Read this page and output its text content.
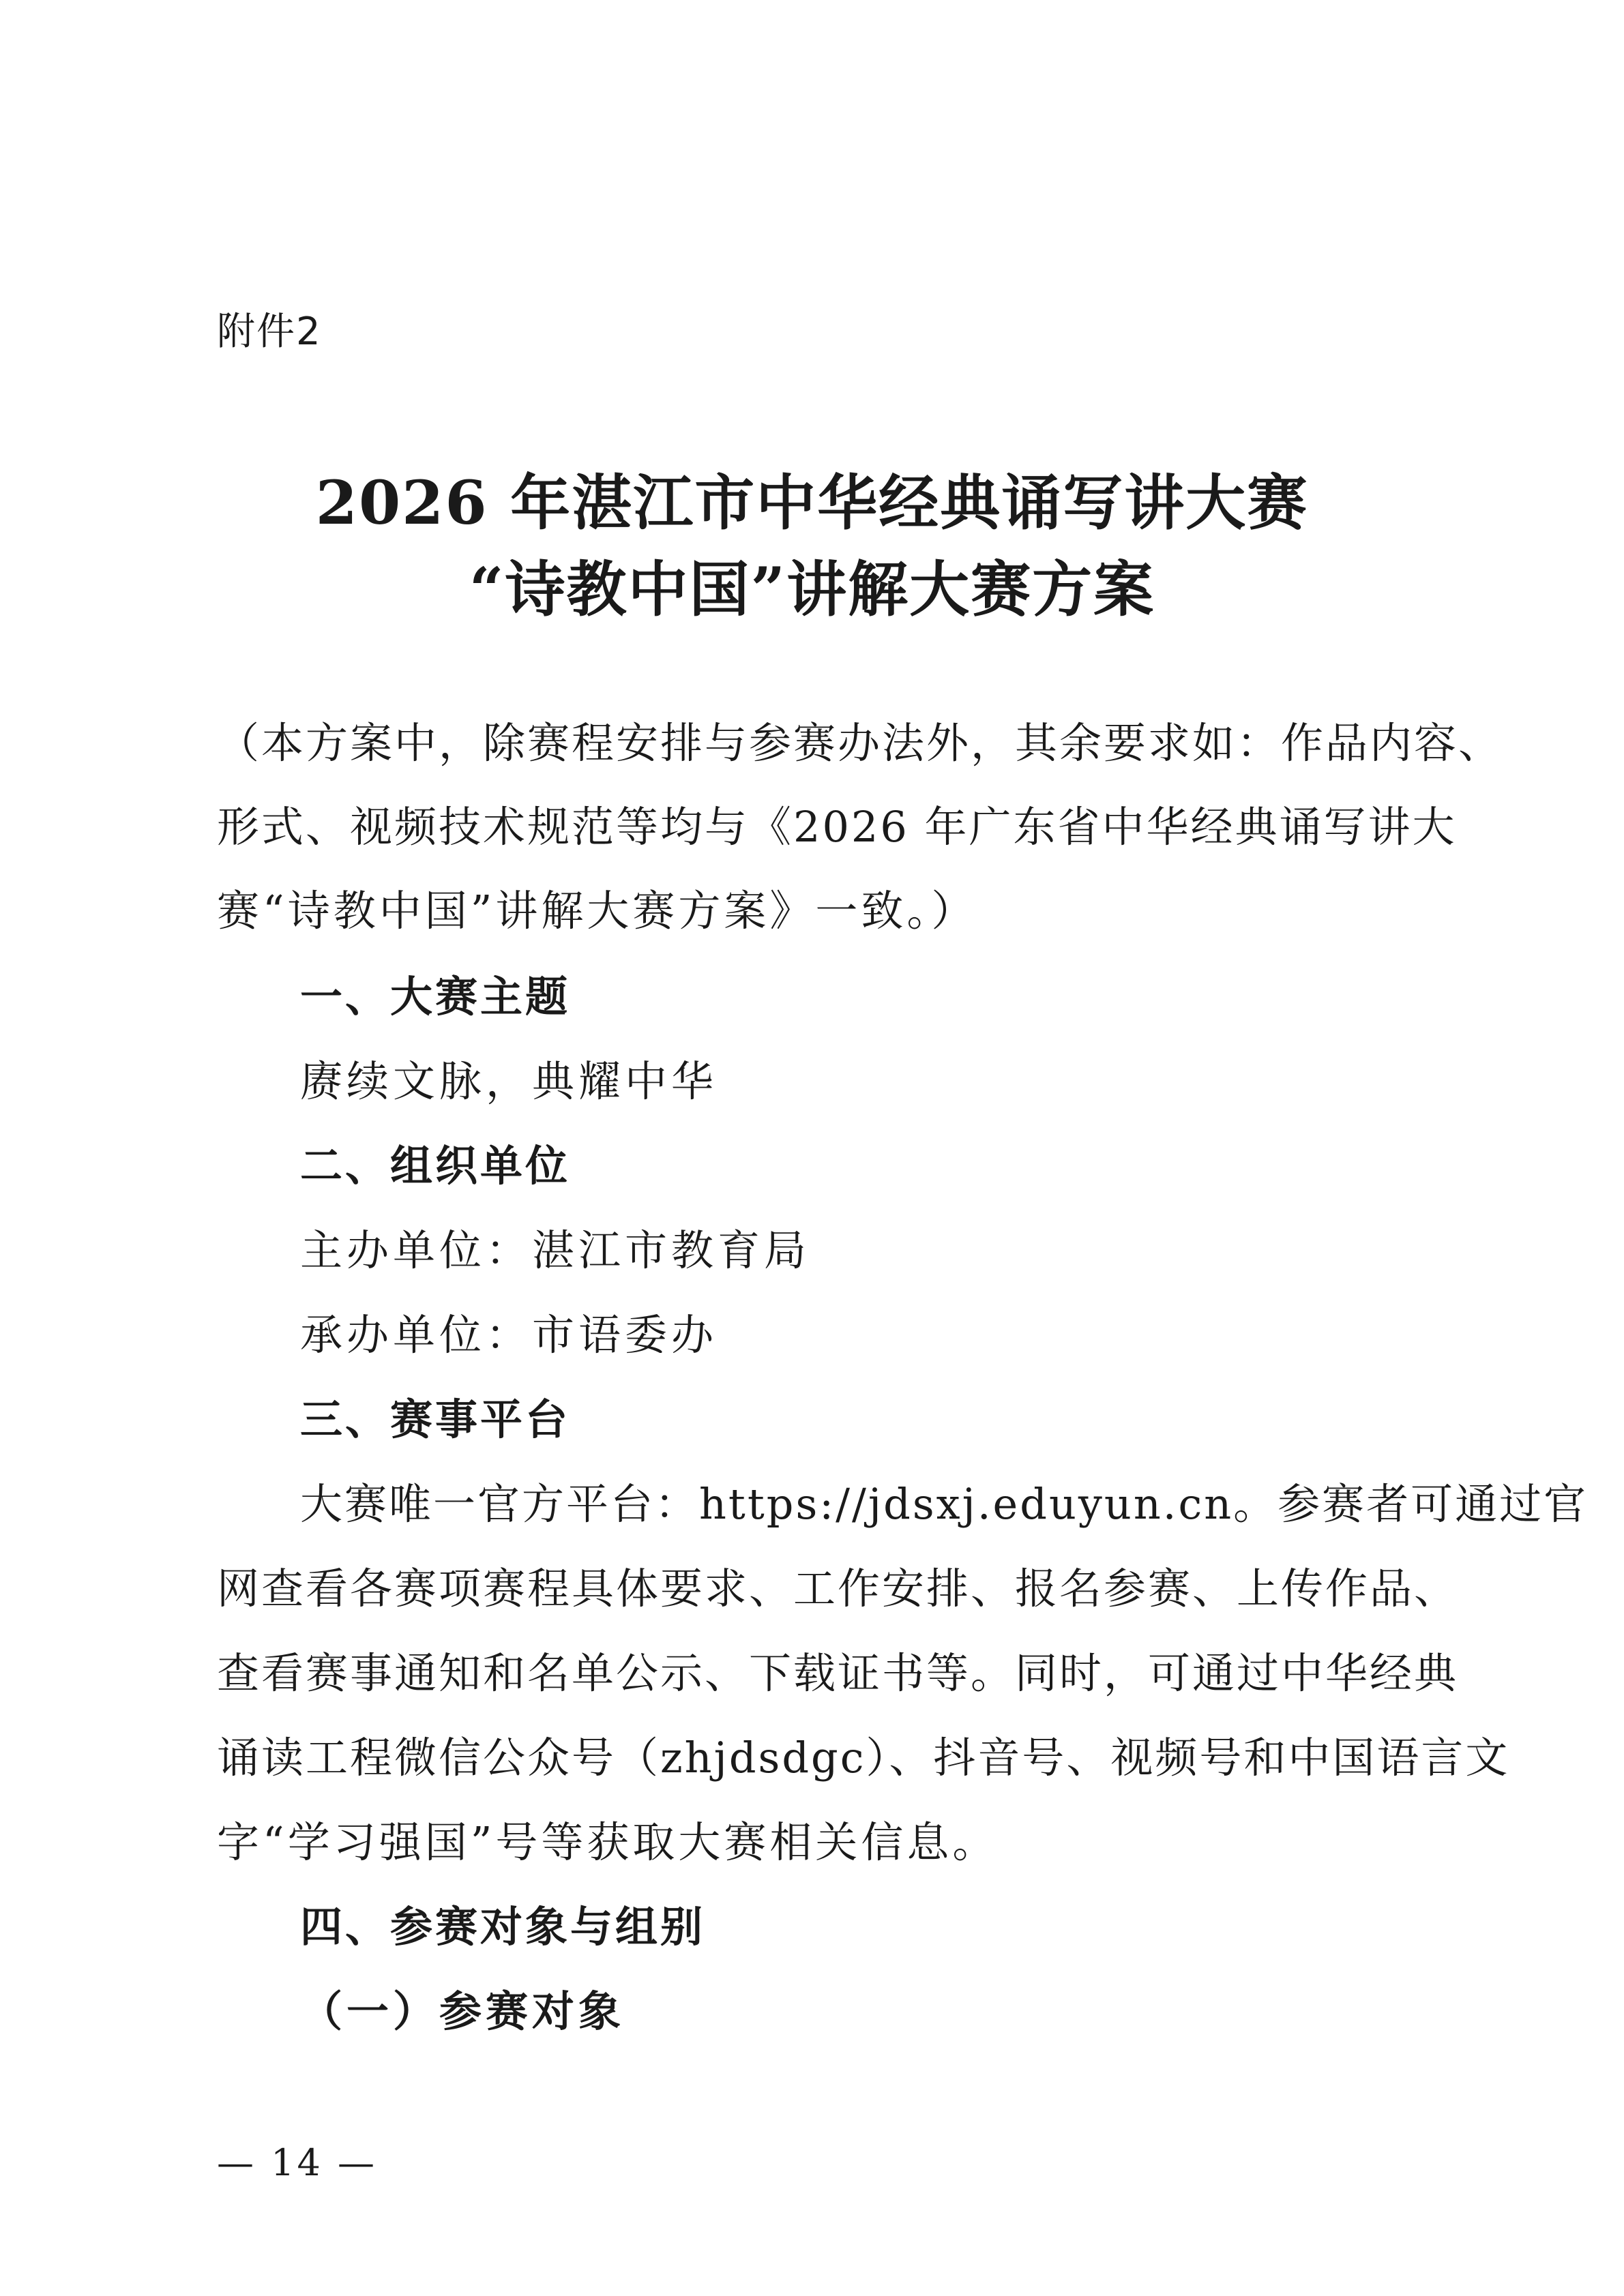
附件2
2026 年湛江市中华经典诵写讲大赛
“诗教中国”讲解大赛方案
（本方案中，除赛程安排与参赛办法外，其余要求如：作品内容、
形式、视频技术规范等均与《2026 年广东省中华经典诵写讲大
赛“诗教中国”讲解大赛方案》一致。）
一、大赛主题
赓续文脉，典耀中华
二、组织单位
主办单位：湛江市教育局
承办单位：市语委办
三、赛事平台
大赛唯一官方平台：https://jdsxj.eduyun.cn。参赛者可通过官
网查看各赛项赛程具体要求、工作安排、报名参赛、上传作品、
查看赛事通知和名单公示、下载证书等。同时，可通过中华经典
诵读工程微信公众号（zhjdsdgc）、抖音号、视频号和中国语言文
字“学习强国”号等获取大赛相关信息。
四、参赛对象与组别
（一）参赛对象
— 14 —
